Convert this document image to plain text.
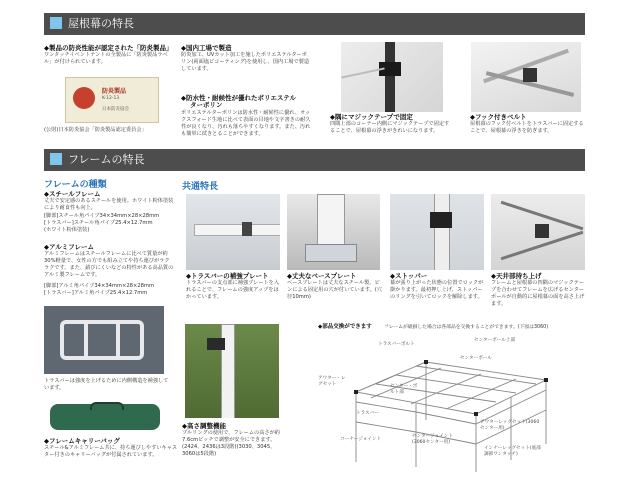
屋根幕の特長
◆製品の防炎性能が認定された「防炎製品」
ワンタッチイベントテントの全製品に「防炎製品ラベル」が付けられています。
防炎製品
K-12-13
日本防炎協会
(公財)日本防炎協会「防炎製品認定委員会」
◆国内工場で製造
防炎加工、UVカット加工を施したポリエステルターポリン(両面塩ビコーティング)を使用し、国内工場で製造しています。
◆防水性・耐候性が優れたポリエステル
ターポリン
ポリエステルターポリンは防水性・耐候性に優れ、オックスフォード生地に比べて表面の目地や文字書きの耐久性が良くなり、汚れも落ちやすくなります。また、汚れも簡単に拭きとることができます。
◆隅にマジックテープで固定
四隅上部のコーナー内側にマジックテープで固定することで、屋根幕の浮きがきれいになります。
◆フック付きベルト
屋根幕のフック付ベルトをトラスバーに固定することで、屋根幕の浮きを防ぎます。
フレームの特長
フレームの種類	共通特長
◆スチールフレーム
丈夫で安定感のあるスチールを使用。ホワイト粉体塗装により耐食性も向上。
[脚部]スチール角パイプ34×34mm×28×28mm
[トラスバー]スチール角パイプ25.4×12.7mm
(ホワイト粉体塗装)
◆アルミフレーム
アルミフレームはスチールフレームに比べて質量が約30%軽量で、女性の方でも組み立てや持ち運びがラクラクです。また、錆びにくいなどの特性がある高品質のアルミ製フレームです。
[脚部]アルミ角パイプ34×34mm×28×28mm
[トラスバー]アルミ角パイプ25.4×12.7mm
トラスバーは強度を上げるために内側構造を補強しています。
◆フレームキャリーバッグ
スチール&アルミフレーム共に、持ち運びしやすいキャスター付きのキャリーバッグが付属されています。
◆トラスバーの補強プレート
トラスバーの支点部に補強プレートを入れることで、フレームの強度アップをはかっています。
◆丈夫なベースプレート
ベースプレートは丈夫なスチール製。ピンによる固定用の穴が付いています。(穴径10mm)
◆ストッパー
幕が張り上がった状態の位置でロックが掛かります。最初押し上げ、ストッパーのリングを引いてロックを解除します。
◆天井部持ち上げ
フレームと屋根幕の四隅のマジックテープを合わせてフレームを広げるセンターポールが自動的に屋根幕の面を高さ上げます。
◆高さ調整機能
プルリングの使用で、フレームの高さが約7.6cmピッチで調整が安全にできます。(2424、2436は3段階)(3030、3045、3060は5段階)
◆部品交換ができます	フレームが破損した場合は各部品を交換することができます。(下図は3060)
トラスバーボルト
センターポール上部
センターポール
アウター・レグセット	センター・ボルト部
トラスバー
コーナージョイント
センタージョイント(3060センター用)
アウターレッグセット(3060センター用)
インナーレッグセット(底部調節ワンタッチ)
